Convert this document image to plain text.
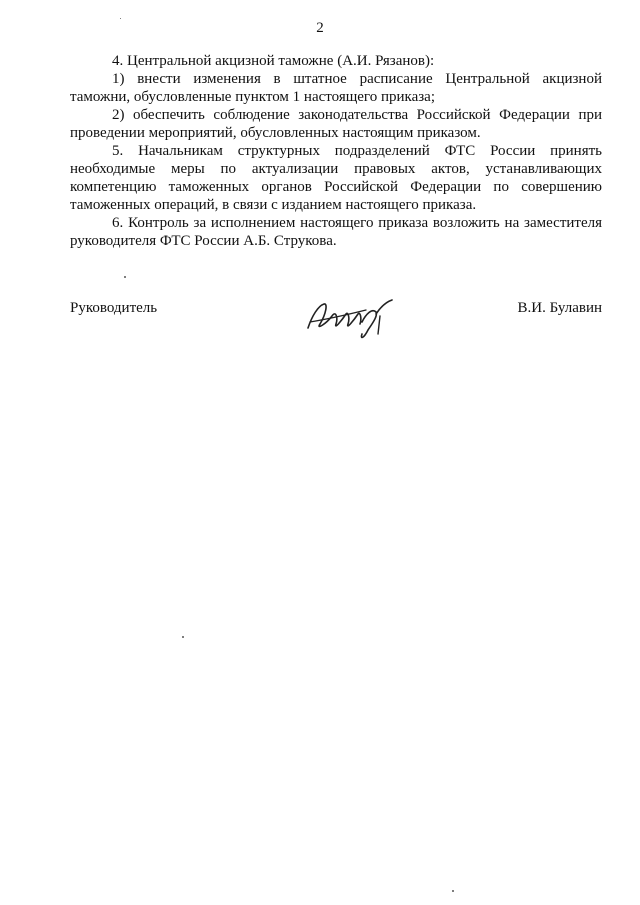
2

4. Центральной акцизной таможне (А.И. Рязанов):

1) внести изменения в штатное расписание Центральной акцизной таможни, обусловленные пунктом 1 настоящего приказа;

2) обеспечить соблюдение законодательства Российской Федерации при проведении мероприятий, обусловленных настоящим приказом.

5. Начальникам структурных подразделений ФТС России принять необходимые меры по актуализации правовых актов, устанавливающих компетенцию таможенных органов Российской Федерации по совершению таможенных операций, в связи с изданием настоящего приказа.

6. Контроль за исполнением настоящего приказа возложить на заместителя руководителя ФТС России А.Б. Струкова.

Руководитель	В.И. Булавин
